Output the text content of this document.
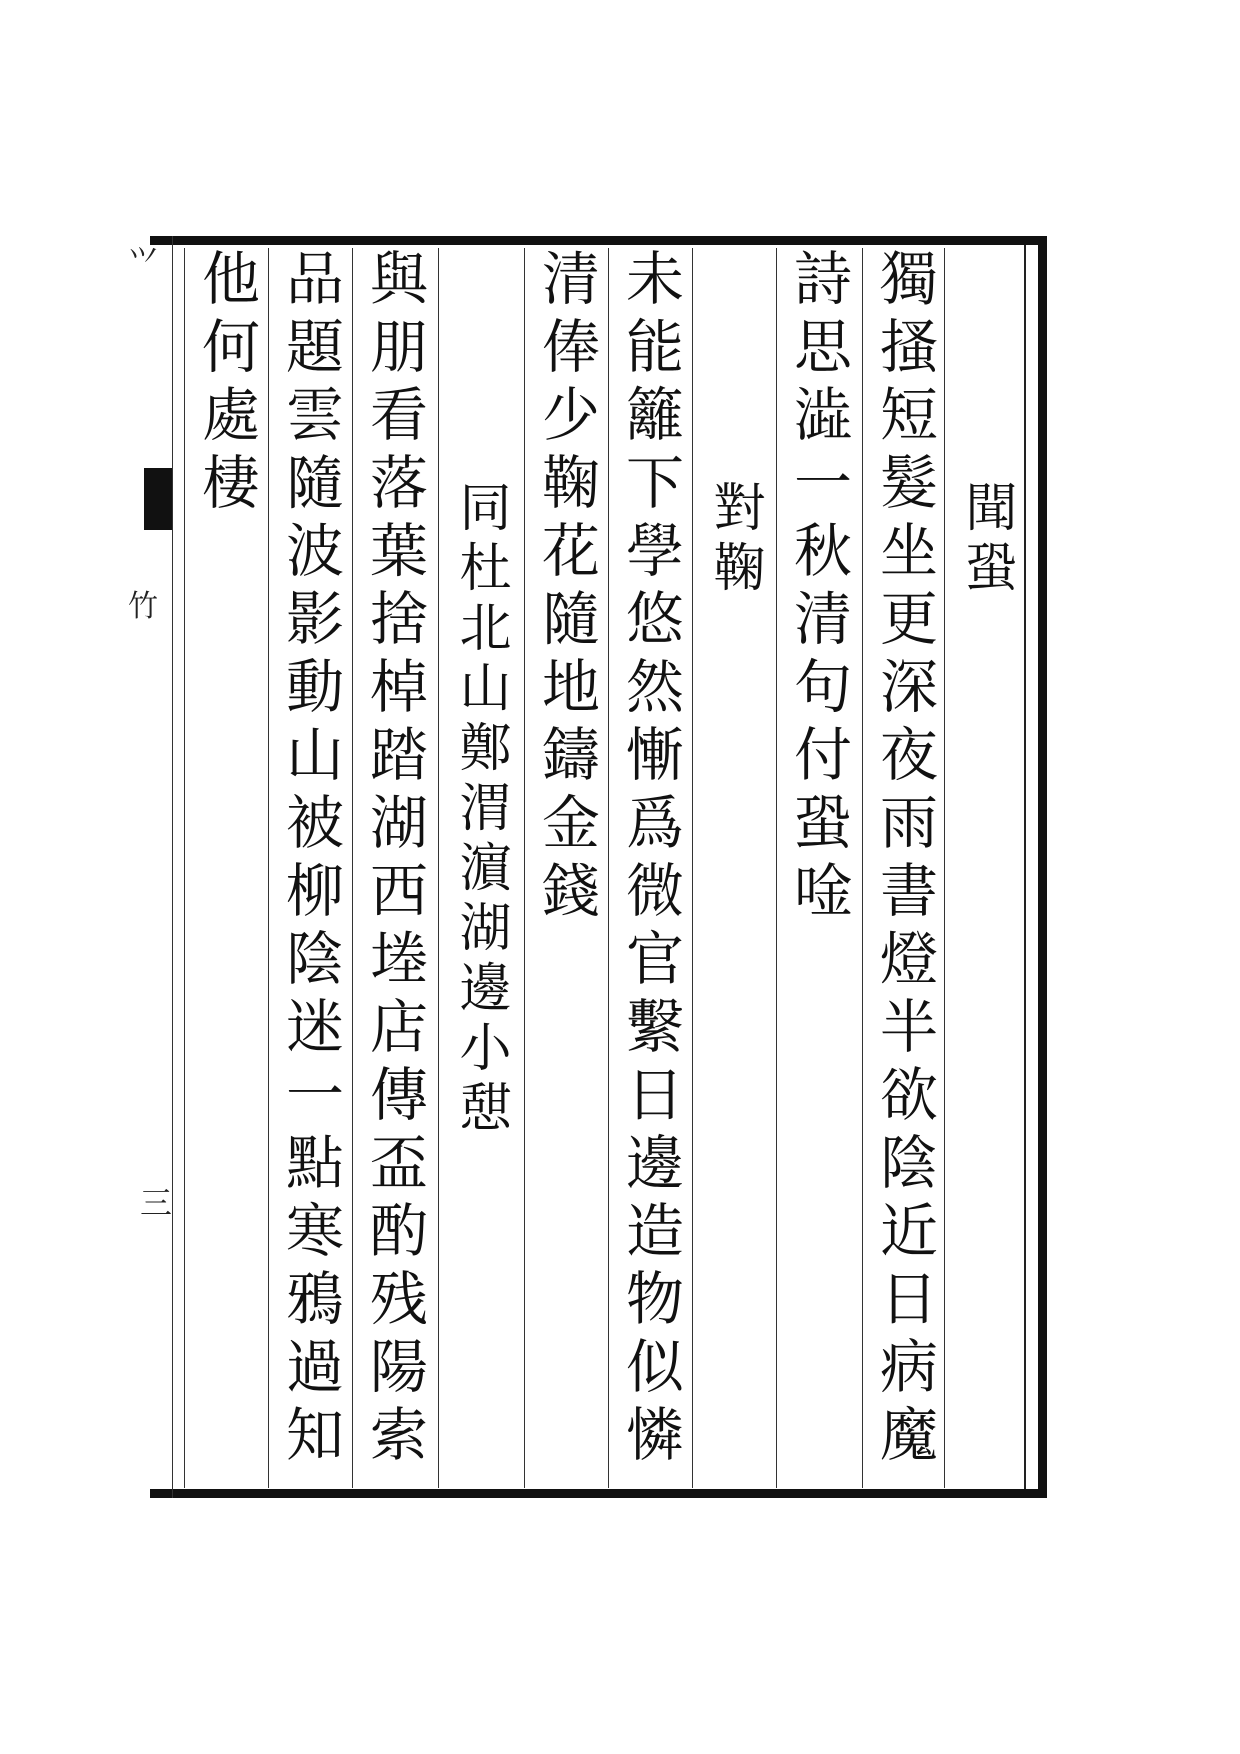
⺍
竹
三
聞蛩
獨搔短髮坐更深夜雨書燈半欲陰近日病魔
詩思澁一秋清句付蛩唫
對鞠
未能籬下學悠然慚爲微官繫日邊造物似憐
清俸少鞠花隨地鑄金錢
同杜北山鄭渭濵湖邊小憇
與朋看落葉捨棹踏湖西堘店傳盃酌残陽索
品題雲隨波影動山被柳陰迷一點寒鴉過知
他何處棲
